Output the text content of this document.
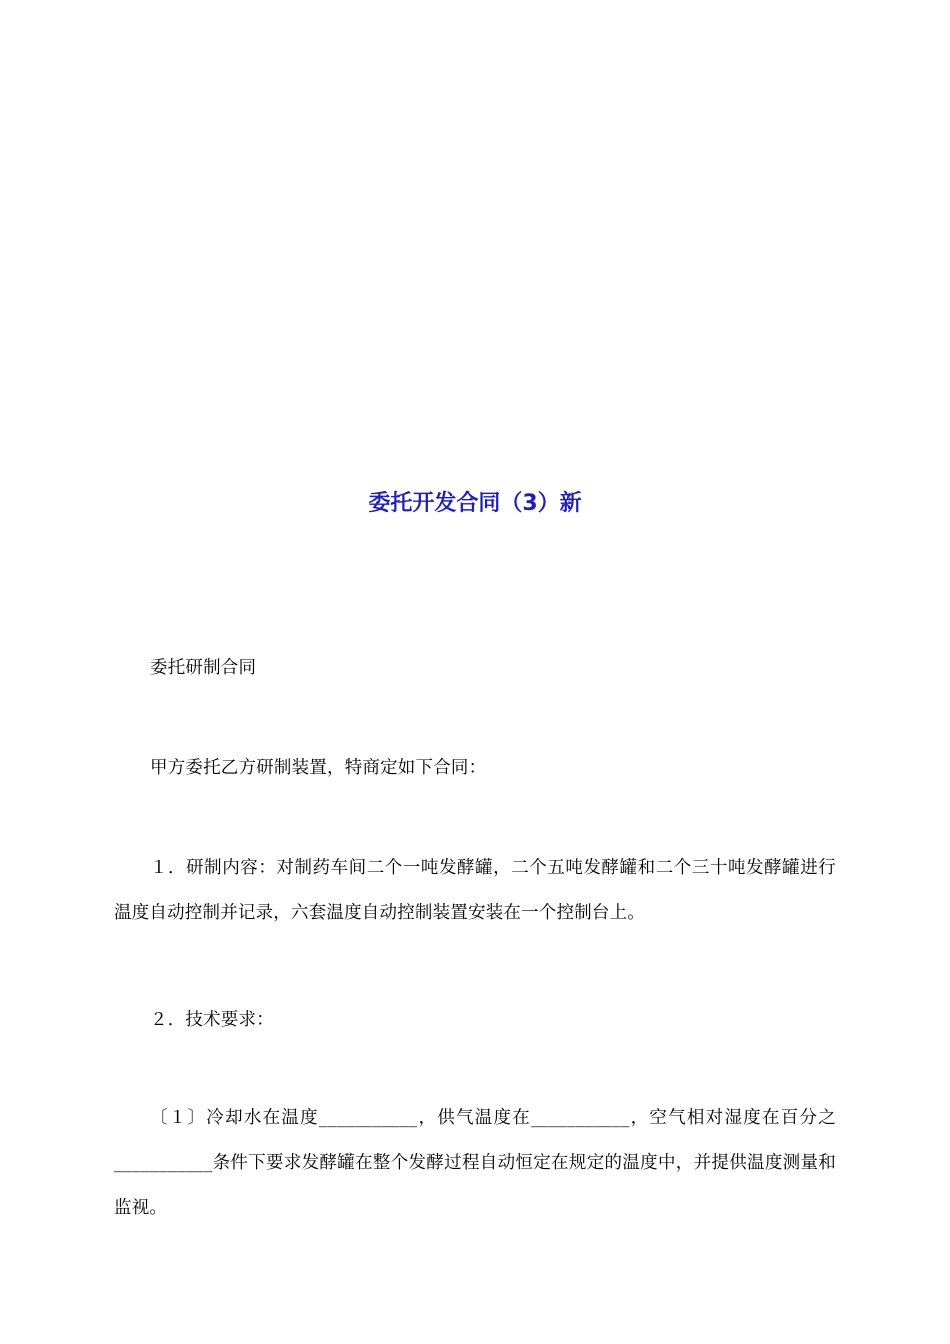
委托开发合同（3）新

委托研制合同

甲方委托乙方研制装置，特商定如下合同：

１．研制内容：对制药车间二个一吨发酵罐，二个五吨发酵罐和二个三十吨发酵罐进行温度自动控制并记录，六套温度自动控制装置安装在一个控制台上。

２．技术要求：

〔１〕冷却水在温度___________，供气温度在___________，空气相对湿度在百分之___________条件下要求发酵罐在整个发酵过程自动恒定在规定的温度中，并提供温度测量和监视。
